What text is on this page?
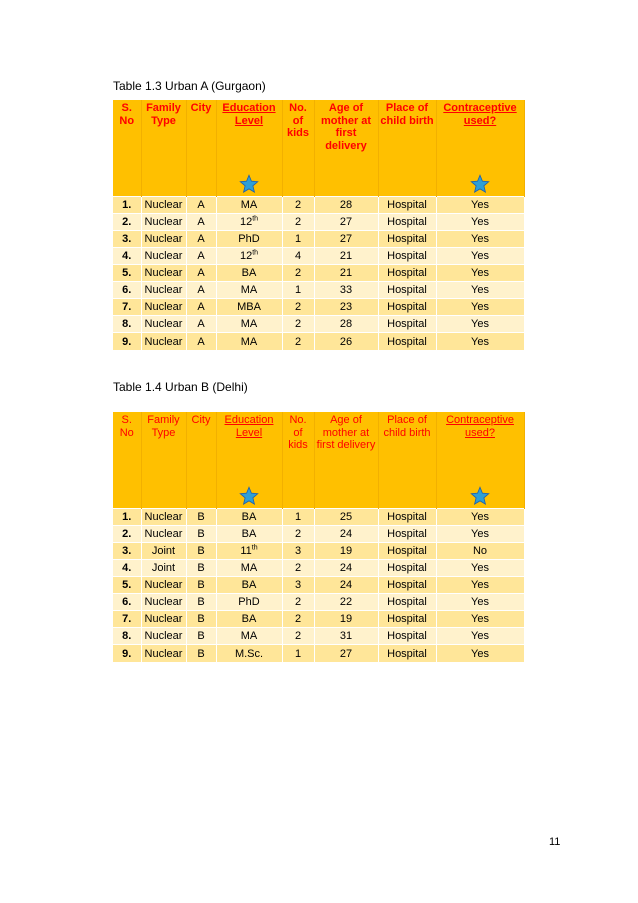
Table 1.3 Urban A (Gurgaon)
S. No	Family Type	City	Education Level	No. of kids	Age of mother at first delivery	Place of child birth	Contraceptive used?

1.	Nuclear	A	MA	2	28	Hospital	Yes
2.	Nuclear	A	12th	2	27	Hospital	Yes
3.	Nuclear	A	PhD	1	27	Hospital	Yes
4.	Nuclear	A	12th	4	21	Hospital	Yes
5.	Nuclear	A	BA	2	21	Hospital	Yes
6.	Nuclear	A	MA	1	33	Hospital	Yes
7.	Nuclear	A	MBA	2	23	Hospital	Yes
8.	Nuclear	A	MA	2	28	Hospital	Yes
9.	Nuclear	A	MA	2	26	Hospital	Yes
Table 1.4 Urban B (Delhi)
S. No	Family Type	City	Education Level	No. of kids	Age of mother at first delivery	Place of child birth	Contraceptive used?

1.	Nuclear	B	BA	1	25	Hospital	Yes
2.	Nuclear	B	BA	2	24	Hospital	Yes
3.	Joint	B	11th	3	19	Hospital	No
4.	Joint	B	MA	2	24	Hospital	Yes
5.	Nuclear	B	BA	3	24	Hospital	Yes
6.	Nuclear	B	PhD	2	22	Hospital	Yes
7.	Nuclear	B	BA	2	19	Hospital	Yes
8.	Nuclear	B	MA	2	31	Hospital	Yes
9.	Nuclear	B	M.Sc.	1	27	Hospital	Yes
11
